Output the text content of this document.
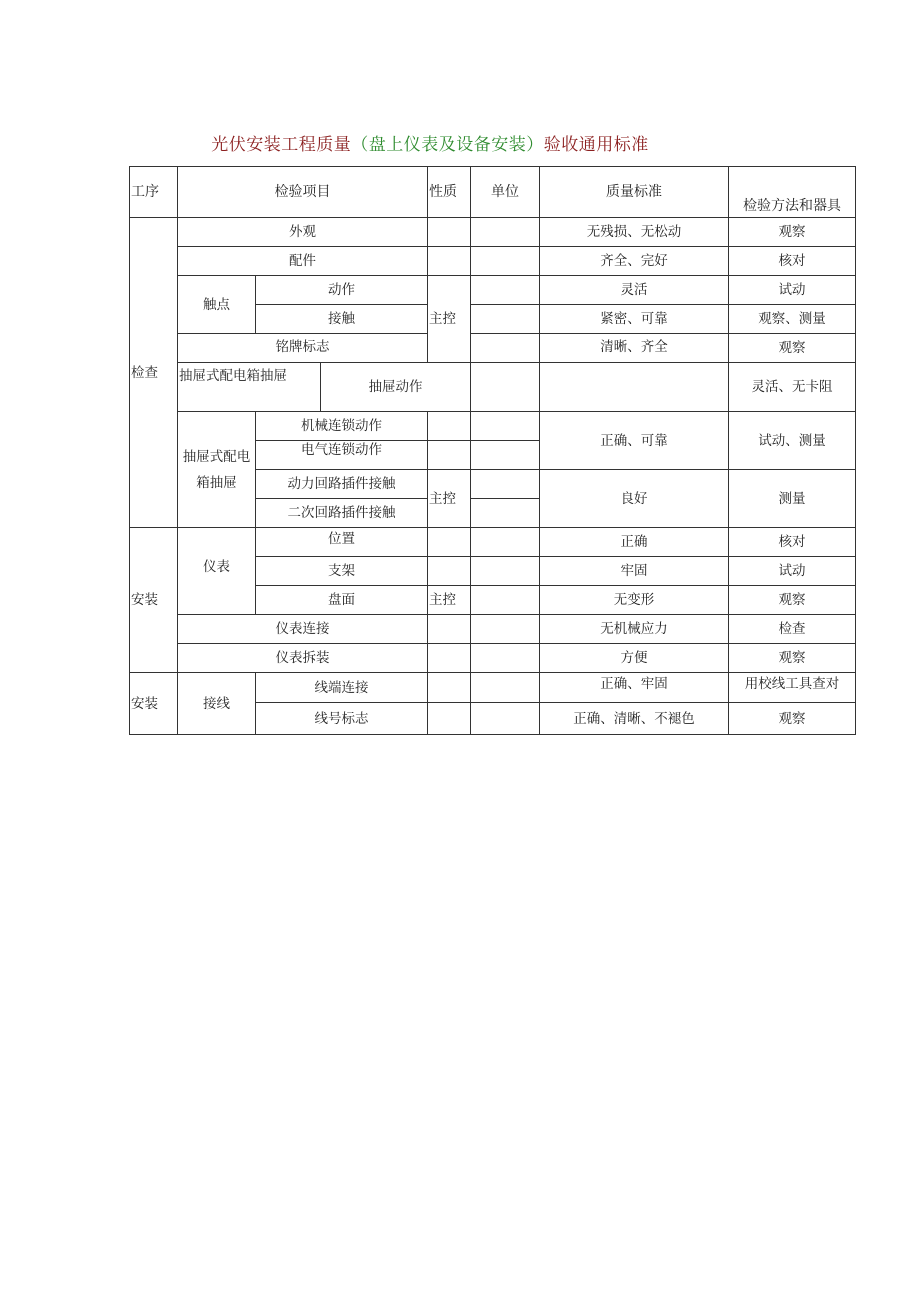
光伏安装工程质量（盘上仪表及设备安装）验收通用标准
工序	检验项目			性质	单位	质量标准	检验方法和器具	
检查	外观					无残损、无松动	观察	
	配件					齐全、完好	核对	
	触点	动作		主控		灵活	试动	
		接触				紧密、可靠	观察、测量	
	铭牌标志					清晰、齐全	观察	
	抽屉式配电箱抽屉		抽屉动作				灵活、无卡阻	
	抽屉式配电箱抽屉	机械连锁动作				正确、可靠	试动、测量	
		电气连锁动作						
		动力回路插件接触		主控		良好	测量	
		二次回路插件接触						
安装	仪表	位置				正确	核对	
		支架				牢固	试动	
		盘面		主控		无变形	观察	
	仪表连接					无机械应力	检查	
	仪表拆装					方便	观察	
安装	接线	线端连接				正确、牢固	用校线工具查对	
		线号标志				正确、清晰、不褪色	观察	
